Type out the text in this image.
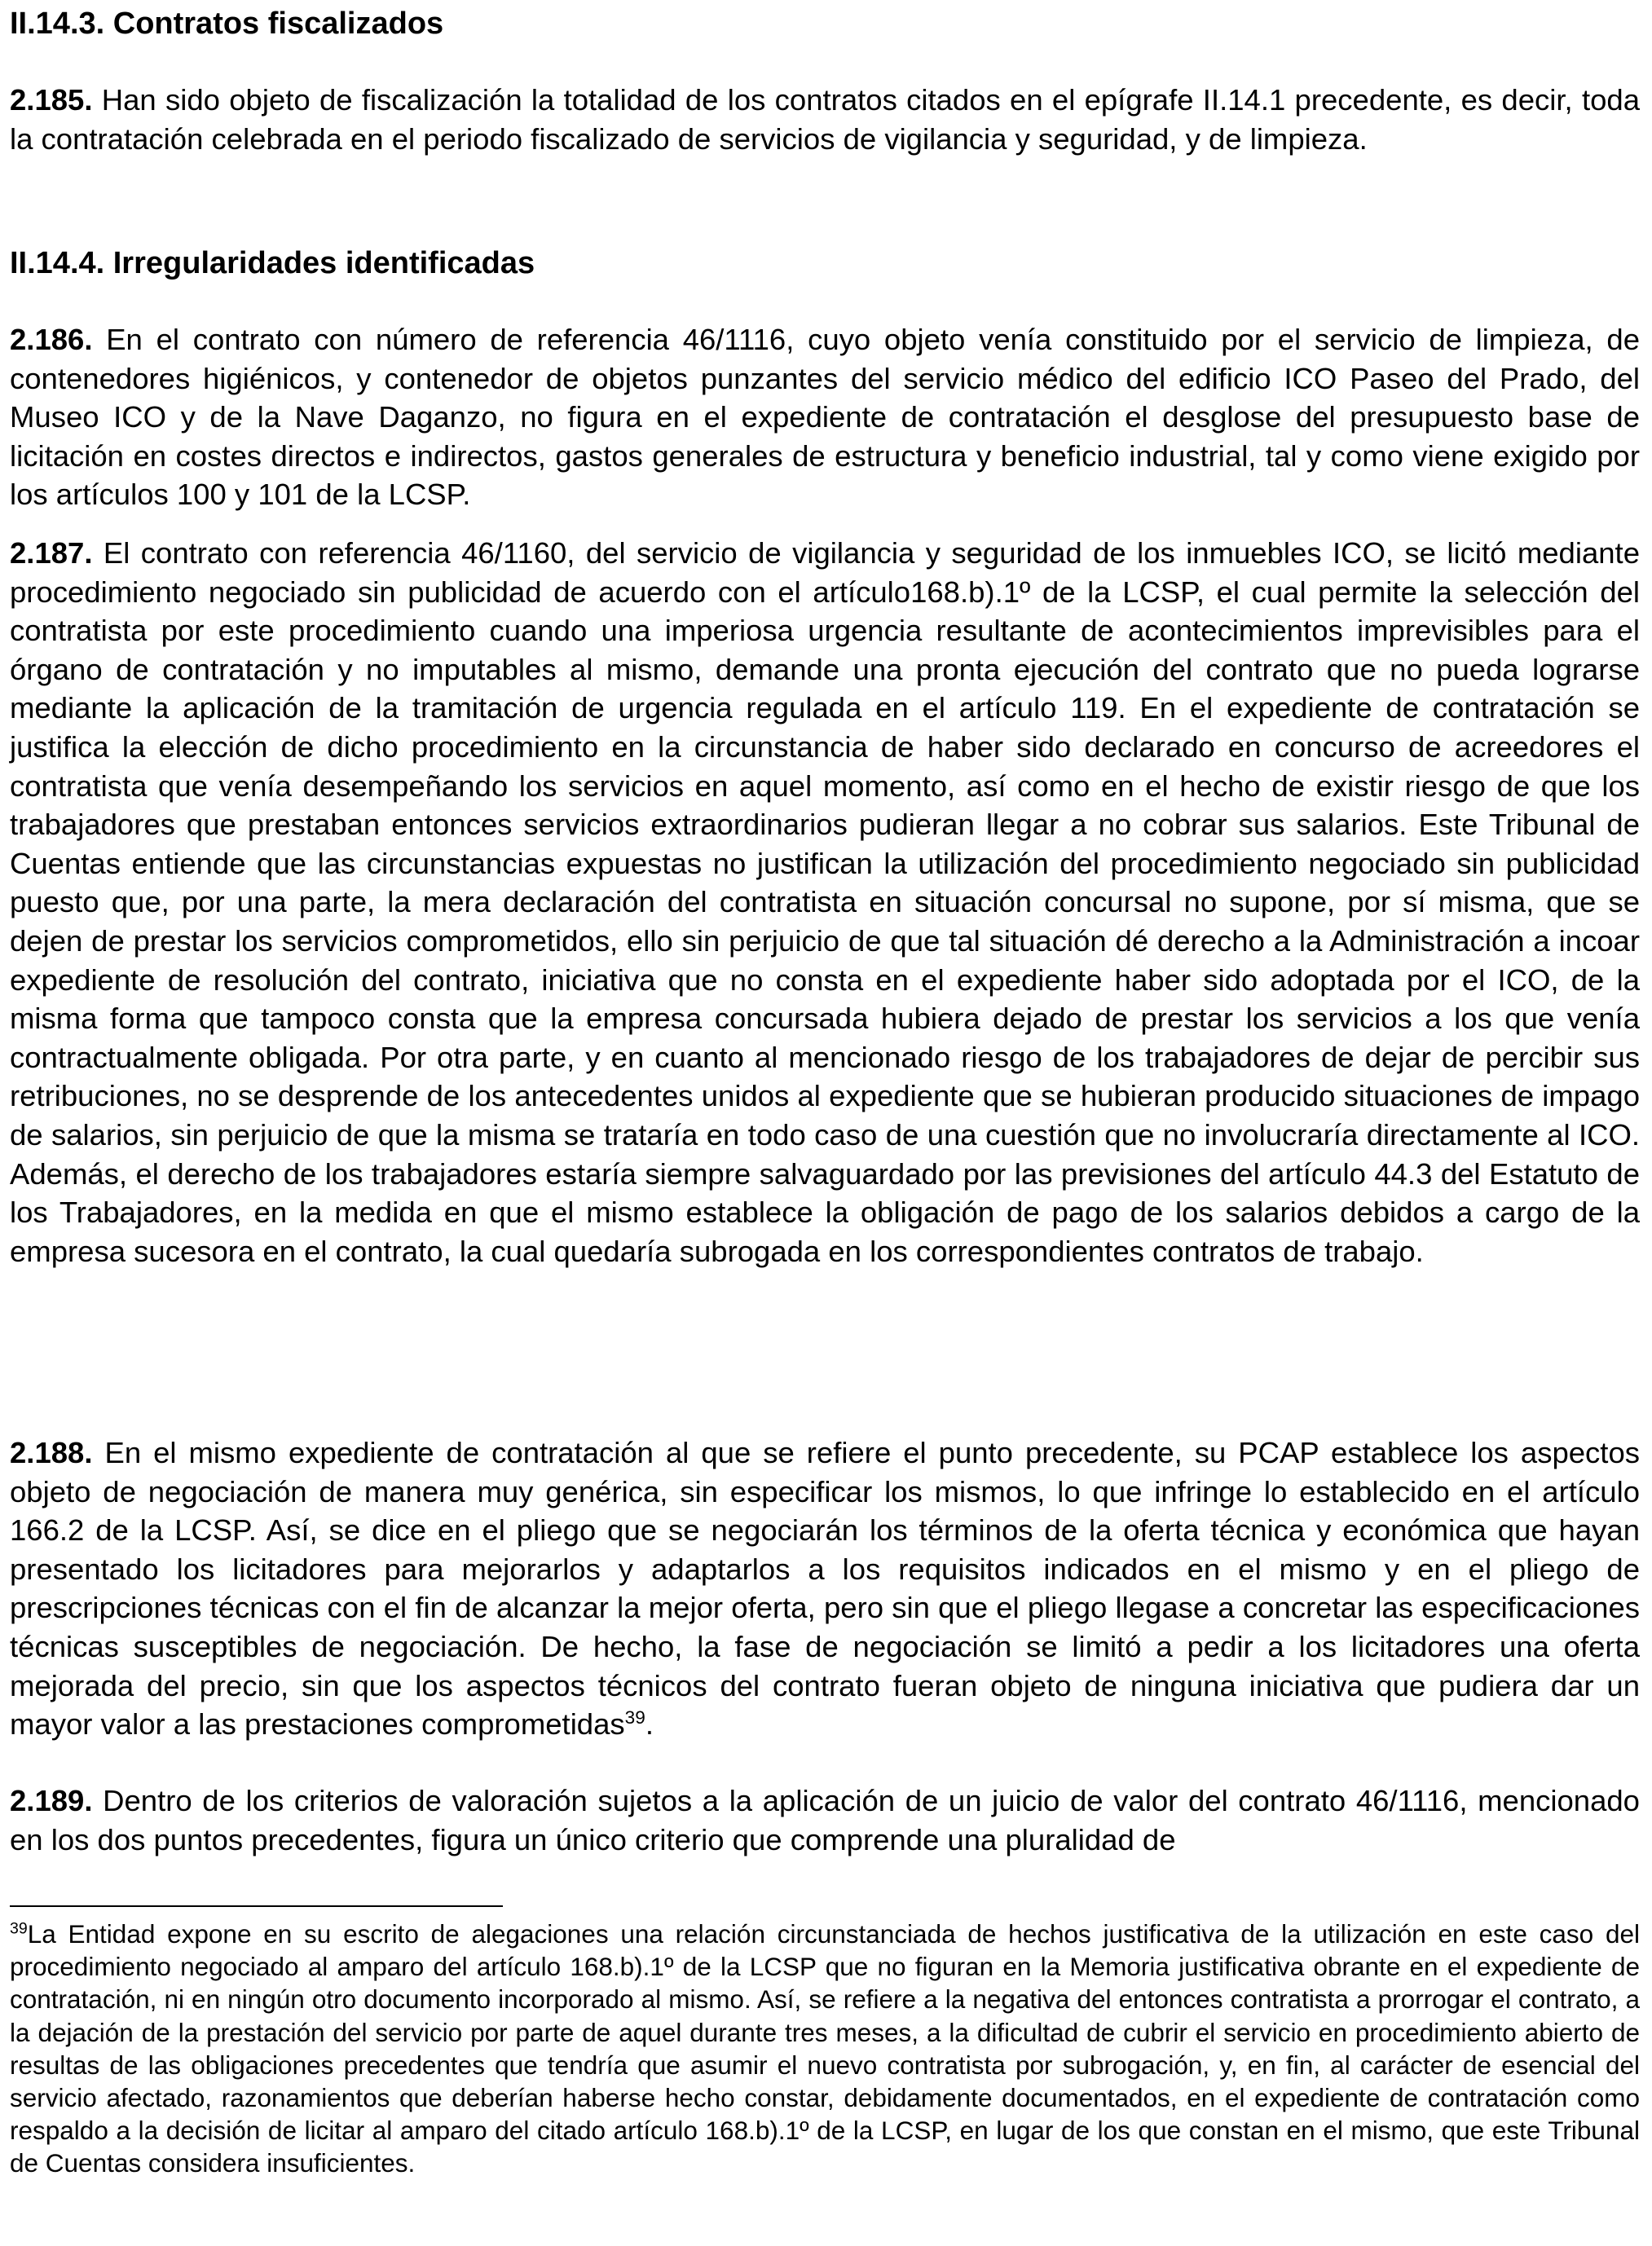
II.14.3. Contratos fiscalizados

2.185. Han sido objeto de fiscalización la totalidad de los contratos citados en el epígrafe II.14.1 precedente, es decir, toda la contratación celebrada en el periodo fiscalizado de servicios de vigilancia y seguridad, y de limpieza.

II.14.4. Irregularidades identificadas

2.186. En el contrato con número de referencia 46/1116, cuyo objeto venía constituido por el servicio de limpieza, de contenedores higiénicos, y contenedor de objetos punzantes del servicio médico del edificio ICO Paseo del Prado, del Museo ICO y de la Nave Daganzo, no figura en el expediente de contratación el desglose del presupuesto base de licitación en costes directos e indirectos, gastos generales de estructura y beneficio industrial, tal y como viene exigido por los artículos 100 y 101 de la LCSP.

2.187. El contrato con referencia 46/1160, del servicio de vigilancia y seguridad de los inmuebles ICO, se licitó mediante procedimiento negociado sin publicidad de acuerdo con el artículo168.b).1º de la LCSP, el cual permite la selección del contratista por este procedimiento cuando una imperiosa urgencia resultante de acontecimientos imprevisibles para el órgano de contratación y no imputables al mismo, demande una pronta ejecución del contrato que no pueda lograrse mediante la aplicación de la tramitación de urgencia regulada en el artículo 119. En el expediente de contratación se justifica la elección de dicho procedimiento en la circunstancia de haber sido declarado en concurso de acreedores el contratista que venía desempeñando los servicios en aquel momento, así como en el hecho de existir riesgo de que los trabajadores que prestaban entonces servicios extraordinarios pudieran llegar a no cobrar sus salarios. Este Tribunal de Cuentas entiende que las circunstancias expuestas no justifican la utilización del procedimiento negociado sin publicidad puesto que, por una parte, la mera declaración del contratista en situación concursal no supone, por sí misma, que se dejen de prestar los servicios comprometidos, ello sin perjuicio de que tal situación dé derecho a la Administración a incoar expediente de resolución del contrato, iniciativa que no consta en el expediente haber sido adoptada por el ICO, de la misma forma que tampoco consta que la empresa concursada hubiera dejado de prestar los servicios a los que venía contractualmente obligada. Por otra parte, y en cuanto al mencionado riesgo de los trabajadores de dejar de percibir sus retribuciones, no se desprende de los antecedentes unidos al expediente que se hubieran producido situaciones de impago de salarios, sin perjuicio de que la misma se trataría en todo caso de una cuestión que no involucraría directamente al ICO. Además, el derecho de los trabajadores estaría siempre salvaguardado por las previsiones del artículo 44.3 del Estatuto de los Trabajadores, en la medida en que el mismo establece la obligación de pago de los salarios debidos a cargo de la empresa sucesora en el contrato, la cual quedaría subrogada en los correspondientes contratos de trabajo.

2.188. En el mismo expediente de contratación al que se refiere el punto precedente, su PCAP establece los aspectos objeto de negociación de manera muy genérica, sin especificar los mismos, lo que infringe lo establecido en el artículo 166.2 de la LCSP. Así, se dice en el pliego que se negociarán los términos de la oferta técnica y económica que hayan presentado los licitadores para mejorarlos y adaptarlos a los requisitos indicados en el mismo y en el pliego de prescripciones técnicas con el fin de alcanzar la mejor oferta, pero sin que el pliego llegase a concretar las especificaciones técnicas susceptibles de negociación. De hecho, la fase de negociación se limitó a pedir a los licitadores una oferta mejorada del precio, sin que los aspectos técnicos del contrato fueran objeto de ninguna iniciativa que pudiera dar un mayor valor a las prestaciones comprometidas$^{39}$.

2.189. Dentro de los criterios de valoración sujetos a la aplicación de un juicio de valor del contrato 46/1116, mencionado en los dos puntos precedentes, figura un único criterio que comprende una pluralidad de

$^{39}$La Entidad expone en su escrito de alegaciones una relación circunstanciada de hechos justificativa de la utilización en este caso del procedimiento negociado al amparo del artículo 168.b).1º de la LCSP que no figuran en la Memoria justificativa obrante en el expediente de contratación, ni en ningún otro documento incorporado al mismo. Así, se refiere a la negativa del entonces contratista a prorrogar el contrato, a la dejación de la prestación del servicio por parte de aquel durante tres meses, a la dificultad de cubrir el servicio en procedimiento abierto de resultas de las obligaciones precedentes que tendría que asumir el nuevo contratista por subrogación, y, en fin, al carácter de esencial del servicio afectado, razonamientos que deberían haberse hecho constar, debidamente documentados, en el expediente de contratación como respaldo a la decisión de licitar al amparo del citado artículo 168.b).1º de la LCSP, en lugar de los que constan en el mismo, que este Tribunal de Cuentas considera insuficientes.
